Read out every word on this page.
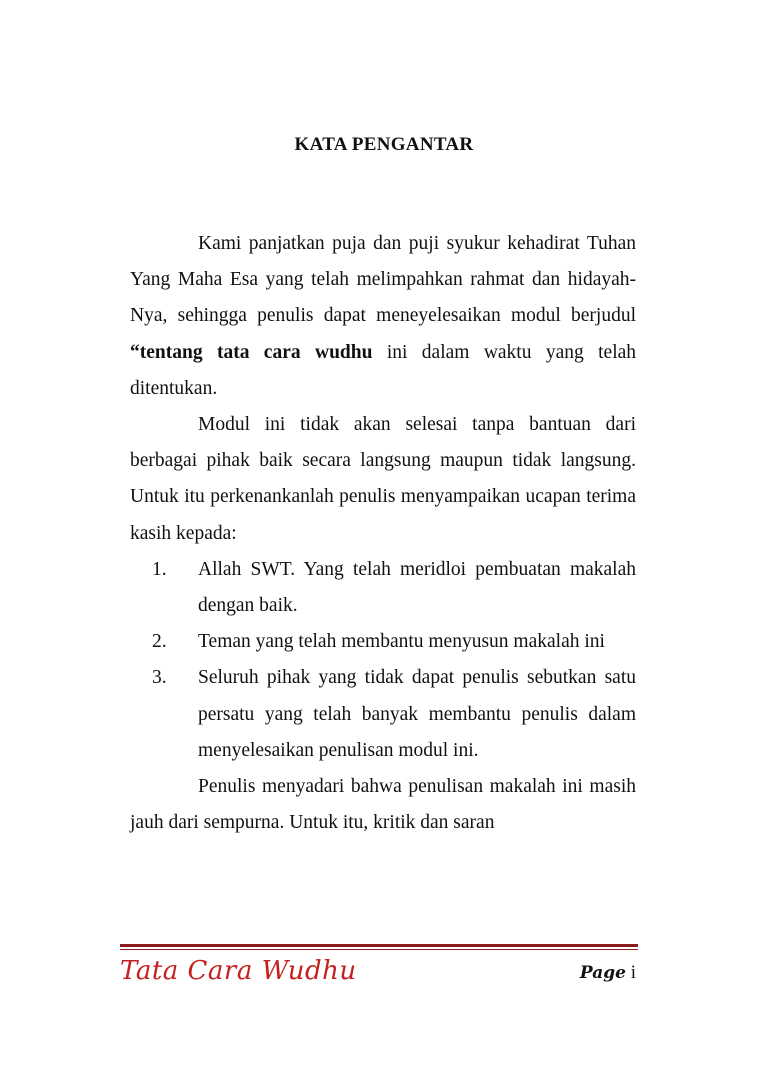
KATA PENGANTAR

Kami panjatkan puja dan puji syukur kehadirat Tuhan Yang Maha Esa yang telah melimpahkan rahmat dan hidayah-Nya, sehingga penulis dapat meneyelesaikan modul berjudul “tentang tata cara wudhu ini dalam waktu yang telah ditentukan.

Modul ini tidak akan selesai tanpa bantuan dari berbagai pihak baik secara langsung maupun tidak langsung. Untuk itu perkenankanlah penulis menyampaikan ucapan terima kasih kepada:

1. Allah SWT. Yang telah meridloi pembuatan makalah dengan baik.
2. Teman yang telah membantu menyusun makalah ini
3. Seluruh pihak yang tidak dapat penulis sebutkan satu persatu yang telah banyak membantu penulis dalam menyelesaikan penulisan modul ini.

Penulis menyadari bahwa penulisan makalah ini masih jauh dari sempurna. Untuk itu, kritik dan saran

Tata Cara Wudhu	Page i
